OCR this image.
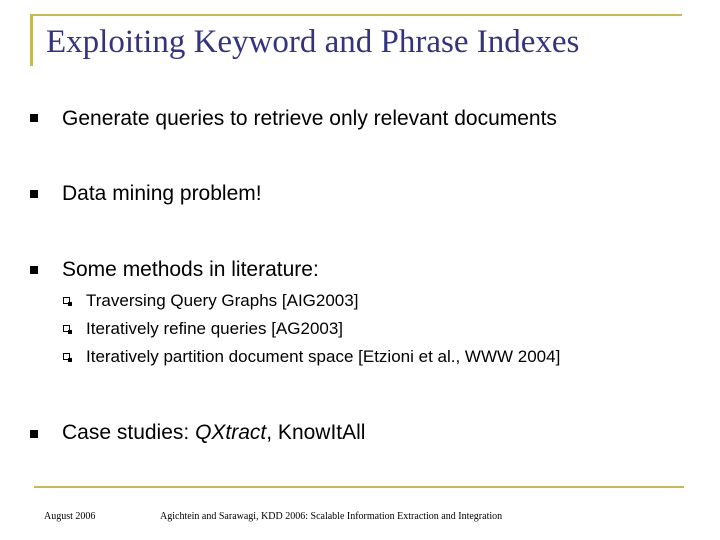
Exploiting Keyword and Phrase Indexes
Generate queries to retrieve only relevant documents
Data mining problem!
Some methods in literature:
Traversing Query Graphs [AIG2003]
Iteratively refine queries [AG2003]
Iteratively partition document space [Etzioni et al., WWW 2004]
Case studies: QXtract, KnowItAll
August 2006	Agichtein and Sarawagi, KDD 2006: Scalable Information Extraction and Integration
